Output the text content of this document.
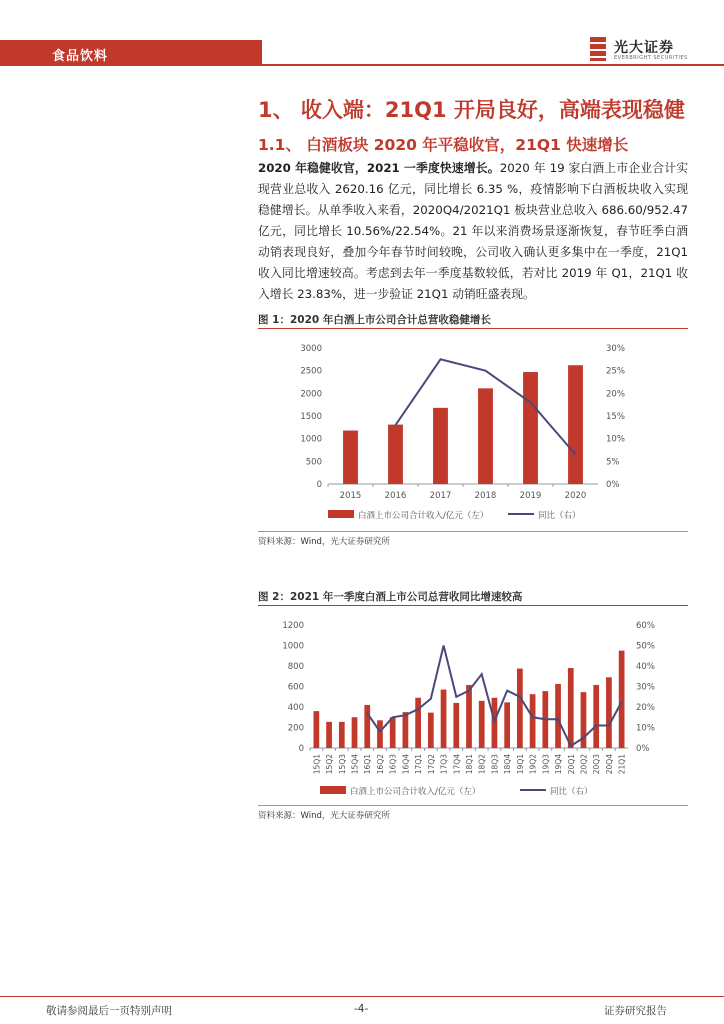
食品饮料
光大证券
EVERBRIGHT SECURITIES
1、 收入端：21Q1 开局良好，高端表现稳健
1.1、 白酒板块 2020 年平稳收官，21Q1 快速增长
2020 年稳健收官，2021 一季度快速增长。2020 年 19 家白酒上市企业合计实现营业总收入 2620.16 亿元，同比增长 6.35 %，疫情影响下白酒板块收入实现稳健增长。从单季收入来看，2020Q4/2021Q1 板块营业总收入 686.60/952.47 亿元，同比增长 10.56%/22.54%。21 年以来消费场景逐渐恢复，春节旺季白酒动销表现良好，叠加今年春节时间较晚，公司收入确认更多集中在一季度，21Q1 收入同比增速较高。考虑到去年一季度基数较低，若对比 2019 年 Q1，21Q1 收入增长 23.83%，进一步验证 21Q1 动销旺盛表现。
图 1：2020 年白酒上市公司合计总营收稳健增长
0
500
1000
1500
2000
2500
3000
0%
5%
10%
15%
20%
25%
30%
2015	2016	2017	2018	2019	2020
白酒上市公司合计收入/亿元（左）	同比（右）
资料来源：Wind，光大证券研究所
图 2：2021 年一季度白酒上市公司总营收同比增速较高
0
200
400
600
800
1000
1200
0%
10%
20%
30%
40%
50%
60%
15Q1 15Q2 15Q3 15Q4 16Q1 16Q2 16Q3 16Q4 17Q1 17Q2 17Q3 17Q4 18Q1 18Q2 18Q3 18Q4 19Q1 19Q2 19Q3 19Q4 20Q1 20Q2 20Q3 20Q4 21Q1
白酒上市公司合计收入/亿元（左）	同比（右）
资料来源：Wind，光大证券研究所
敬请参阅最后一页特别声明	-4-	证券研究报告
